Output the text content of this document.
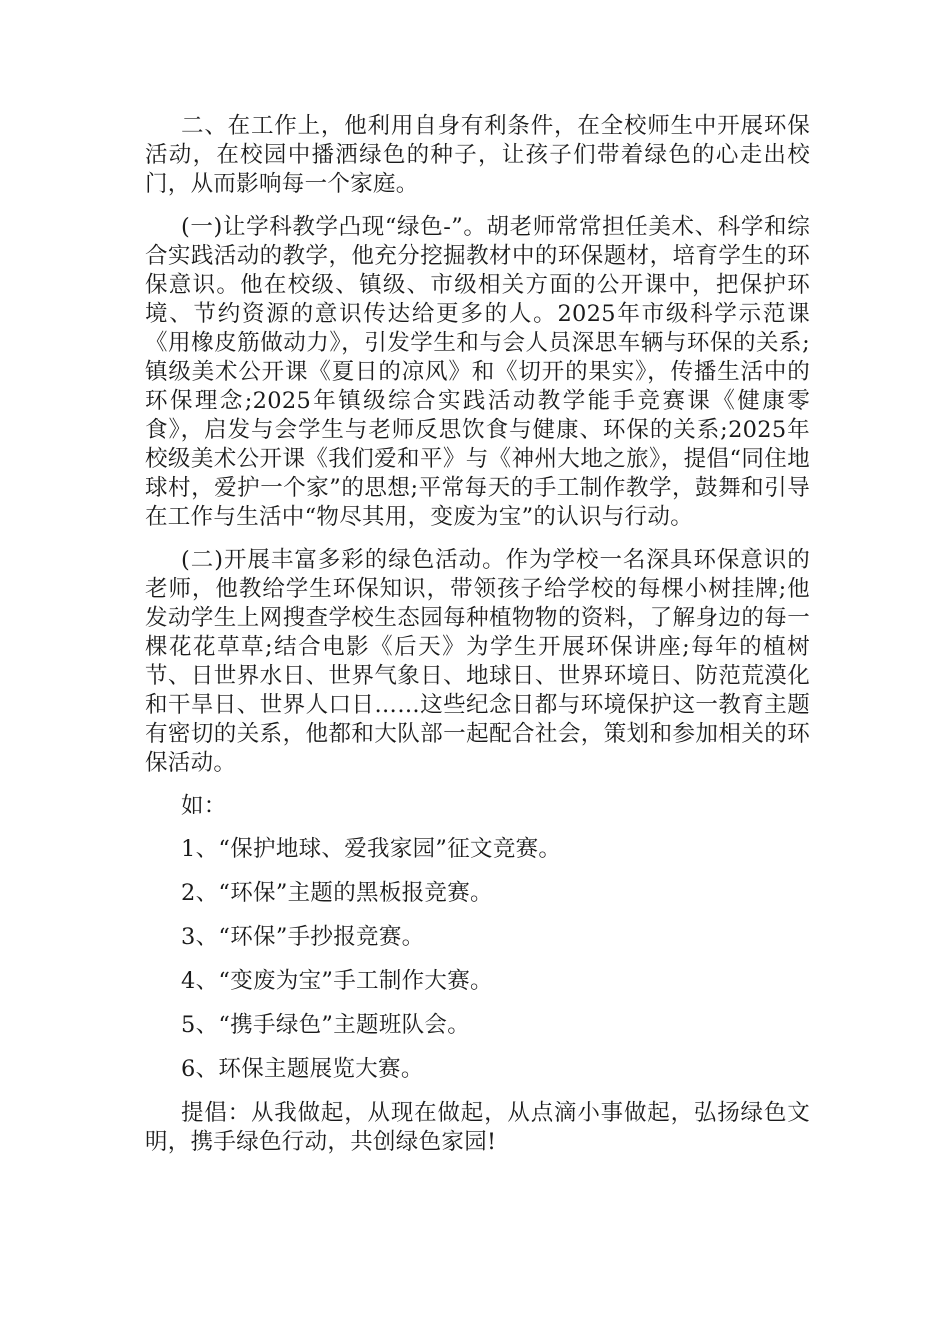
二、在工作上，他利用自身有利条件，在全校师生中开展环保活动，在校园中播洒绿色的种子，让孩子们带着绿色的心走出校门，从而影响每一个家庭。

(一)让学科教学凸现“绿色-”。胡老师常常担任美术、科学和综合实践活动的教学，他充分挖掘教材中的环保题材，培育学生的环保意识。他在校级、镇级、市级相关方面的公开课中，把保护环境、节约资源的意识传达给更多的人。2025年市级科学示范课《用橡皮筋做动力》，引发学生和与会人员深思车辆与环保的关系;镇级美术公开课《夏日的凉风》和《切开的果实》，传播生活中的环保理念;2025年镇级综合实践活动教学能手竞赛课《健康零食》，启发与会学生与老师反思饮食与健康、环保的关系;2025年校级美术公开课《我们爱和平》与《神州大地之旅》，提倡“同住地球村，爱护一个家”的思想;平常每天的手工制作教学，鼓舞和引导在工作与生活中“物尽其用，变废为宝”的认识与行动。

(二)开展丰富多彩的绿色活动。作为学校一名深具环保意识的老师，他教给学生环保知识，带领孩子给学校的每棵小树挂牌;他发动学生上网搜查学校生态园每种植物物的资料，了解身边的每一棵花花草草;结合电影《后天》为学生开展环保讲座;每年的植树节、日世界水日、世界气象日、地球日、世界环境日、防范荒漠化和干旱日、世界人口日……这些纪念日都与环境保护这一教育主题有密切的关系，他都和大队部一起配合社会，策划和参加相关的环保活动。

如：

1、“保护地球、爱我家园”征文竞赛。

2、“环保”主题的黑板报竞赛。

3、“环保”手抄报竞赛。

4、“变废为宝”手工制作大赛。

5、“携手绿色”主题班队会。

6、环保主题展览大赛。

提倡：从我做起，从现在做起，从点滴小事做起，弘扬绿色文明，携手绿色行动，共创绿色家园!
